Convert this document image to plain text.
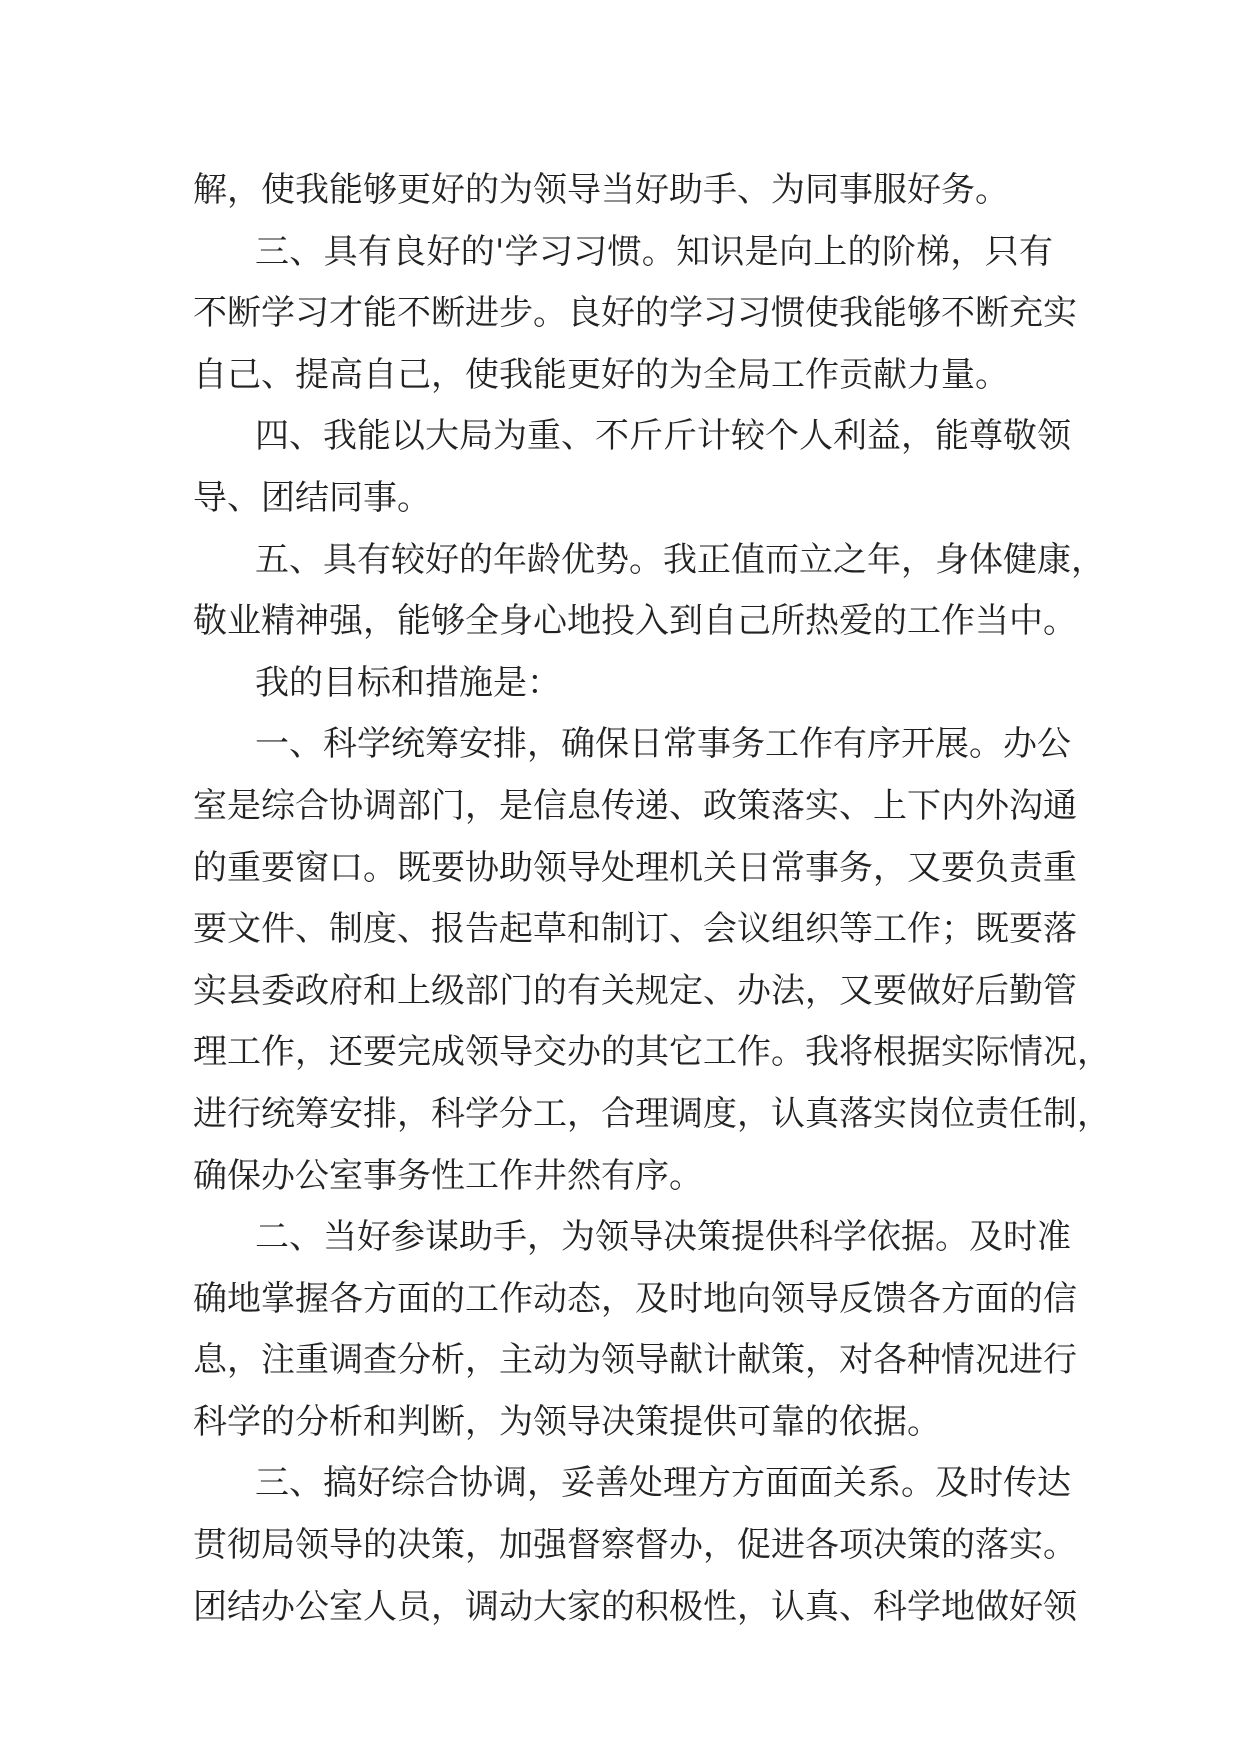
解，使我能够更好的为领导当好助手、为同事服好务。
三、具有良好的'学习习惯。知识是向上的阶梯，只有
不断学习才能不断进步。良好的学习习惯使我能够不断充实
自己、提高自己，使我能更好的为全局工作贡献力量。
四、我能以大局为重、不斤斤计较个人利益，能尊敬领
导、团结同事。
五、具有较好的年龄优势。我正值而立之年，身体健康，
敬业精神强，能够全身心地投入到自己所热爱的工作当中。
我的目标和措施是：
一、科学统筹安排，确保日常事务工作有序开展。办公
室是综合协调部门，是信息传递、政策落实、上下内外沟通
的重要窗口。既要协助领导处理机关日常事务，又要负责重
要文件、制度、报告起草和制订、会议组织等工作；既要落
实县委政府和上级部门的有关规定、办法，又要做好后勤管
理工作，还要完成领导交办的其它工作。我将根据实际情况，
进行统筹安排，科学分工，合理调度，认真落实岗位责任制，
确保办公室事务性工作井然有序。
二、当好参谋助手，为领导决策提供科学依据。及时准
确地掌握各方面的工作动态，及时地向领导反馈各方面的信
息，注重调查分析，主动为领导献计献策，对各种情况进行
科学的分析和判断，为领导决策提供可靠的依据。
三、搞好综合协调，妥善处理方方面面关系。及时传达
贯彻局领导的决策，加强督察督办，促进各项决策的落实。
团结办公室人员，调动大家的积极性，认真、科学地做好领
